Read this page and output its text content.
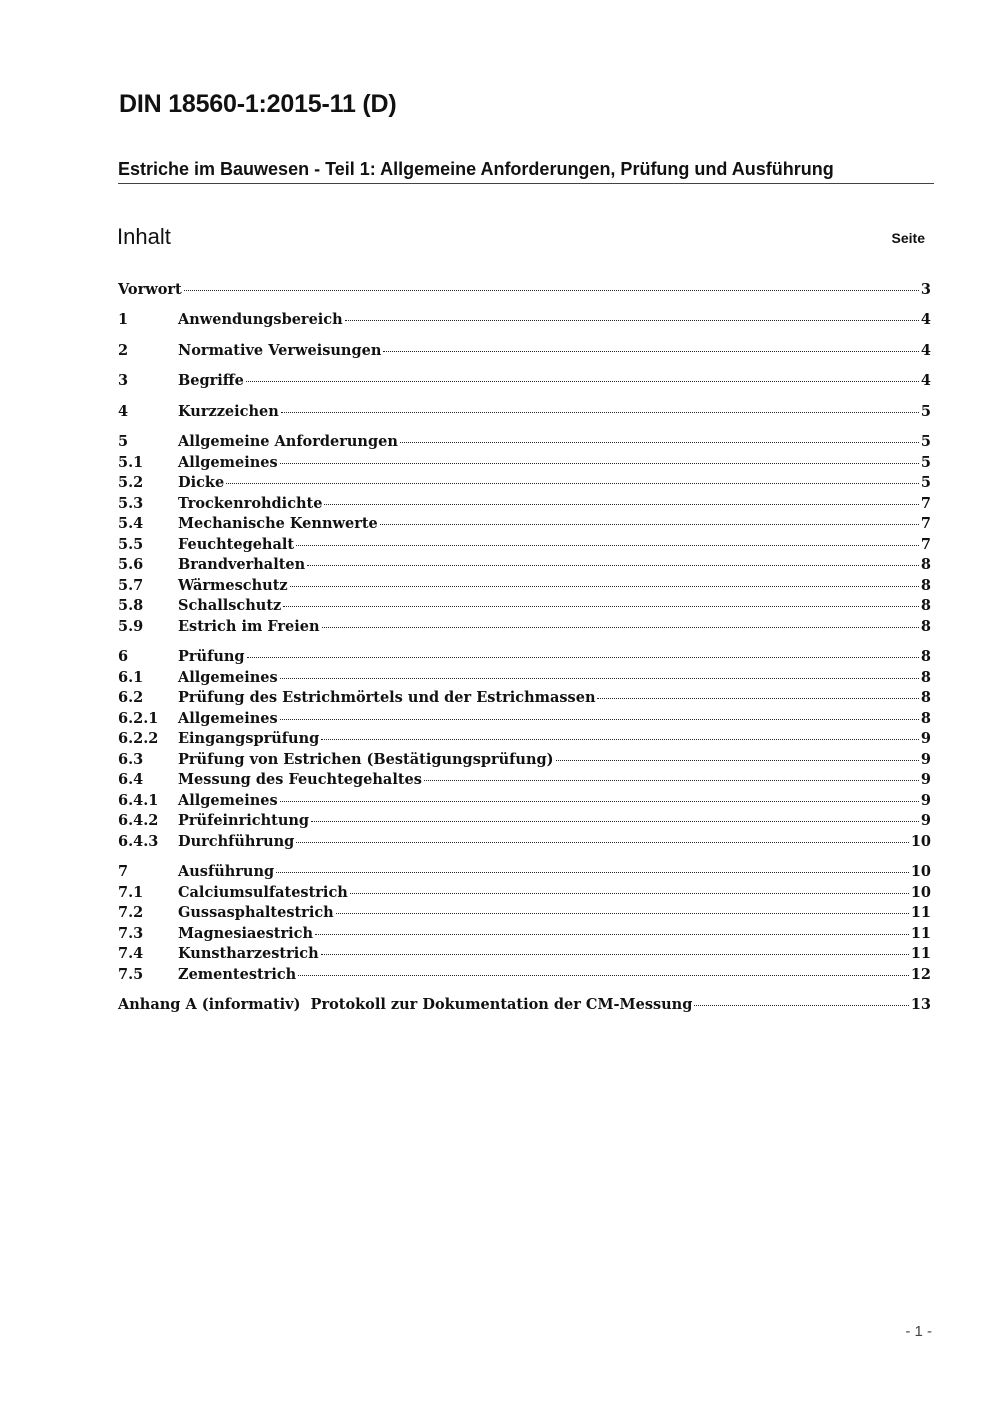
DIN 18560-1:2015-11 (D)
Estriche im Bauwesen - Teil 1: Allgemeine Anforderungen, Prüfung und Ausführung
Inhalt	Seite
Vorwort	3
1	Anwendungsbereich	4
2	Normative Verweisungen	4
3	Begriffe	4
4	Kurzzeichen	5
5	Allgemeine Anforderungen	5
5.1	Allgemeines	5
5.2	Dicke	5
5.3	Trockenrohdichte	7
5.4	Mechanische Kennwerte	7
5.5	Feuchtegehalt	7
5.6	Brandverhalten	8
5.7	Wärmeschutz	8
5.8	Schallschutz	8
5.9	Estrich im Freien	8
6	Prüfung	8
6.1	Allgemeines	8
6.2	Prüfung des Estrichmörtels und der Estrichmassen	8
6.2.1	Allgemeines	8
6.2.2	Eingangsprüfung	9
6.3	Prüfung von Estrichen (Bestätigungsprüfung)	9
6.4	Messung des Feuchtegehaltes	9
6.4.1	Allgemeines	9
6.4.2	Prüfeinrichtung	9
6.4.3	Durchführung	10
7	Ausführung	10
7.1	Calciumsulfatestrich	10
7.2	Gussasphaltestrich	11
7.3	Magnesiaestrich	11
7.4	Kunstharzestrich	11
7.5	Zementestrich	12
Anhang A (informativ)  Protokoll zur Dokumentation der CM-Messung	13
- 1 -
